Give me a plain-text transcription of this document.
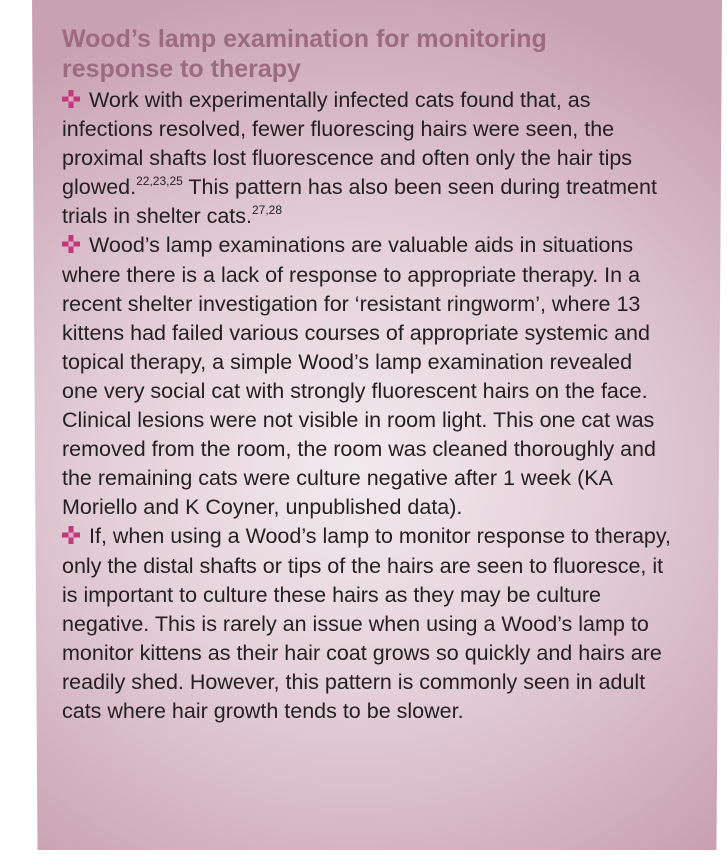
Wood’s lamp examination for monitoring
response to therapy

Work with experimentally infected cats found that, as infections resolved, fewer fluorescing hairs were seen, the proximal shafts lost fluorescence and often only the hair tips glowed.$^{22,23,25}$ This pattern has also been seen during treatment trials in shelter cats.$^{27,28}$

Wood’s lamp examinations are valuable aids in situations where there is a lack of response to appropriate therapy. In a recent shelter investigation for ‘resistant ringworm’, where 13 kittens had failed various courses of appropriate systemic and topical therapy, a simple Wood’s lamp examination revealed one very social cat with strongly fluorescent hairs on the face. Clinical lesions were not visible in room light. This one cat was removed from the room, the room was cleaned thoroughly and the remaining cats were culture negative after 1 week (KA Moriello and K Coyner, unpublished data).

If, when using a Wood’s lamp to monitor response to therapy, only the distal shafts or tips of the hairs are seen to fluoresce, it is important to culture these hairs as they may be culture negative. This is rarely an issue when using a Wood’s lamp to monitor kittens as their hair coat grows so quickly and hairs are readily shed. However, this pattern is commonly seen in adult cats where hair growth tends to be slower.
